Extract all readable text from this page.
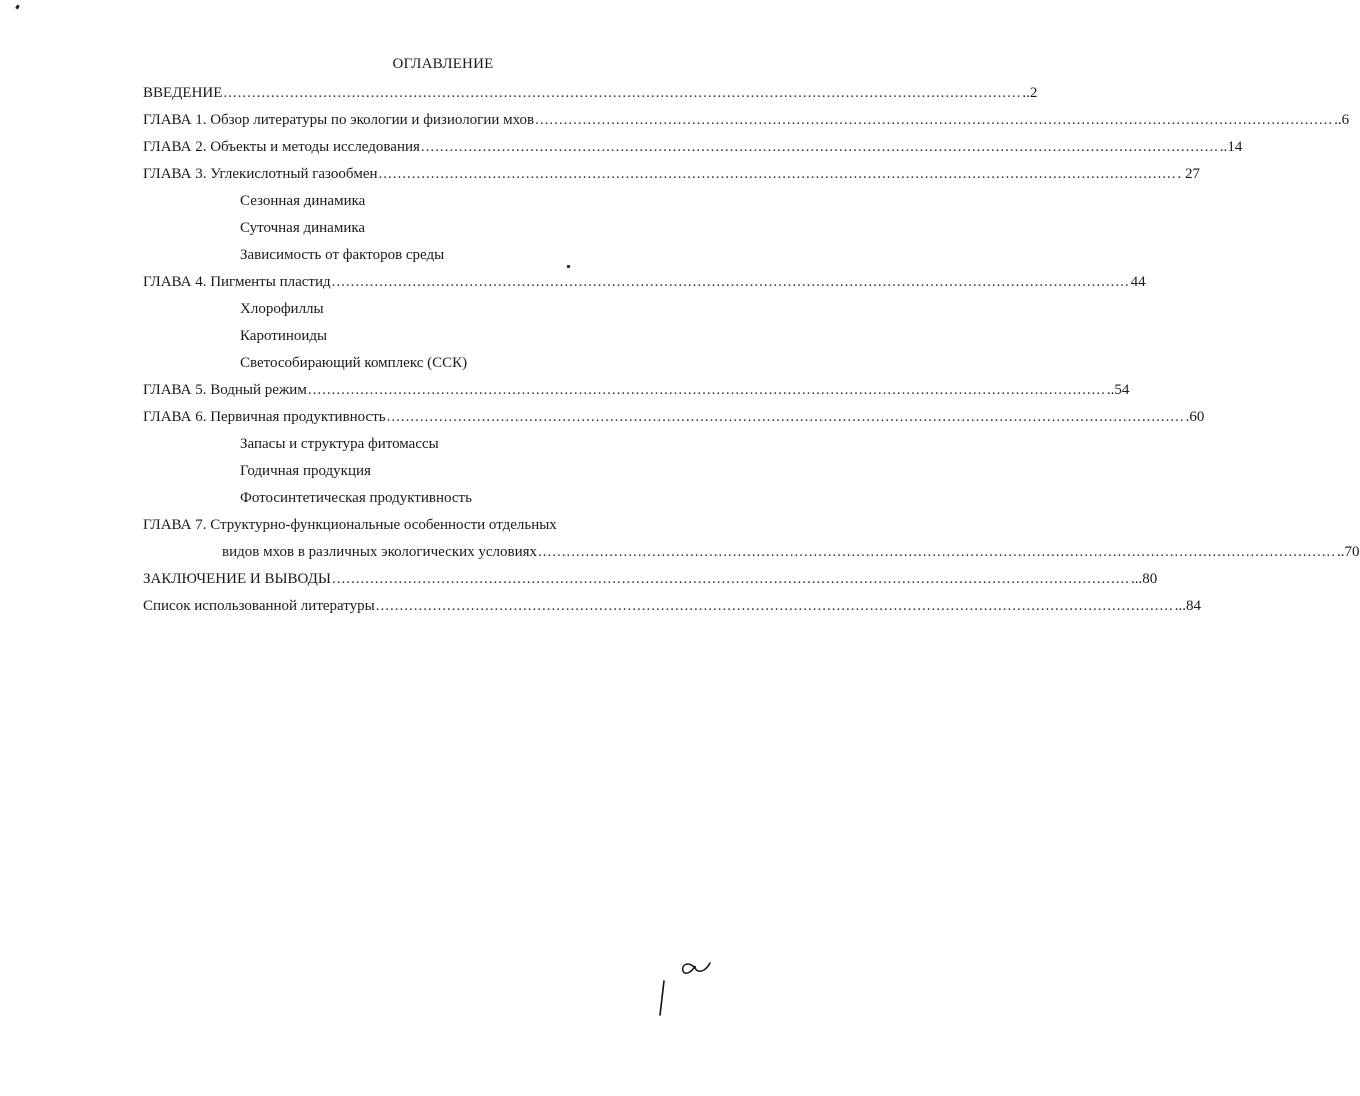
ОГЛАВЛЕНИЕ
ВВЕДЕНИЕ ........................................................................................................................................................................ ..2
ГЛАВА 1. Обзор литературы по экологии и физиологии мхов ........................................................................................................................................................................ ..6
ГЛАВА 2. Объекты и методы исследования ........................................................................................................................................................................ ..14
ГЛАВА 3. Углекислотный газообмен ........................................................................................................................................................................ . 27
Сезонная динамика
Суточная динамика
Зависимость от факторов среды
ГЛАВА 4. Пигменты пластид ........................................................................................................................................................................ 44
Хлорофиллы
Каротиноиды
Светособирающий комплекс (ССК)
ГЛАВА 5. Водный режим ........................................................................................................................................................................ ..54
ГЛАВА 6. Первичная продуктивность ........................................................................................................................................................................ .60
Запасы и структура фитомассы
Годичная продукция
Фотосинтетическая продуктивность
ГЛАВА 7. Структурно-функциональные особенности отдельных
видов мхов в различных экологических условиях ........................................................................................................................................................................ ..70
ЗАКЛЮЧЕНИЕ И ВЫВОДЫ ........................................................................................................................................................................ ...80
Список использованной литературы ........................................................................................................................................................................ ...84
